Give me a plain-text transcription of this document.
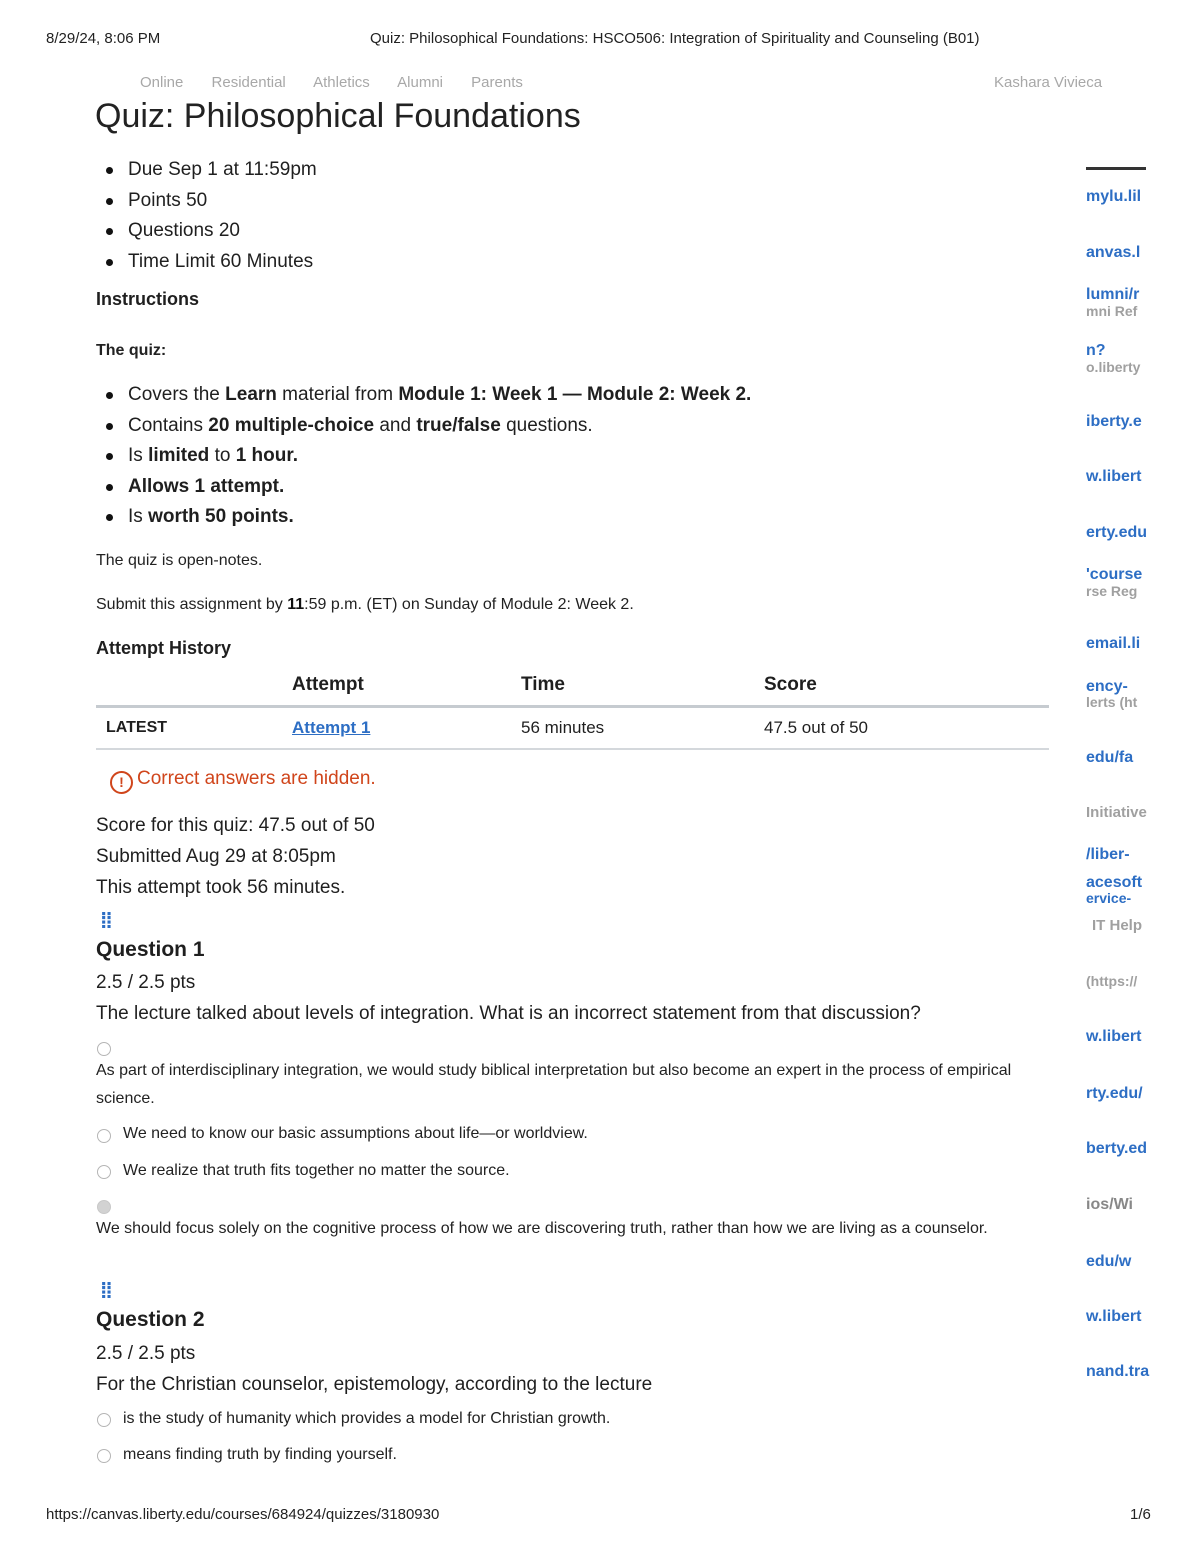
8/29/24, 8:06 PM	Quiz: Philosophical Foundations: HSCO506: Integration of Spirituality and Counseling (B01)
Online Residential Athletics Alumni Parents	Kashara Vivieca
Quiz: Philosophical Foundations
Due Sep 1 at 11:59pm
Points 50
Questions 20
Time Limit 60 Minutes
Instructions
The quiz:
Covers the Learn material from Module 1: Week 1 — Module 2: Week 2.
Contains 20 multiple-choice and true/false questions.
Is limited to 1 hour.
Allows 1 attempt.
Is worth 50 points.
The quiz is open-notes.
Submit this assignment by 11:59 p.m. (ET) on Sunday of Module 2: Week 2.
Attempt History
	Attempt	Time	Score
LATEST	Attempt 1	56 minutes	47.5 out of 50
! Correct answers are hidden.
Score for this quiz: 47.5 out of 50
Submitted Aug 29 at 8:05pm
This attempt took 56 minutes.
⁞⁞
Question 1
2.5 / 2.5 pts
The lecture talked about levels of integration. What is an incorrect statement from that discussion?
As part of interdisciplinary integration, we would study biblical interpretation but also become an expert in the process of empirical science.
We need to know our basic assumptions about life—or worldview.
We realize that truth fits together no matter the source.
We should focus solely on the cognitive process of how we are discovering truth, rather than how we are living as a counselor.
⁞⁞
Question 2
2.5 / 2.5 pts
For the Christian counselor, epistemology, according to the lecture
is the study of humanity which provides a model for Christian growth.
means finding truth by finding yourself.
mylu.lil
anvas.l
lumni/r
mni Ref
n?
o.liberty
iberty.e
w.libert
erty.edu
'course
rse Reg
email.li
ency-
lerts (ht
edu/fa
Initiative
/liber-
acesoft
ervice-
IT Help
(https://
w.libert
rty.edu/
berty.ed
ios/Wi
edu/w
w.libert
nand.tra
https://canvas.liberty.edu/courses/684924/quizzes/3180930	1/6
